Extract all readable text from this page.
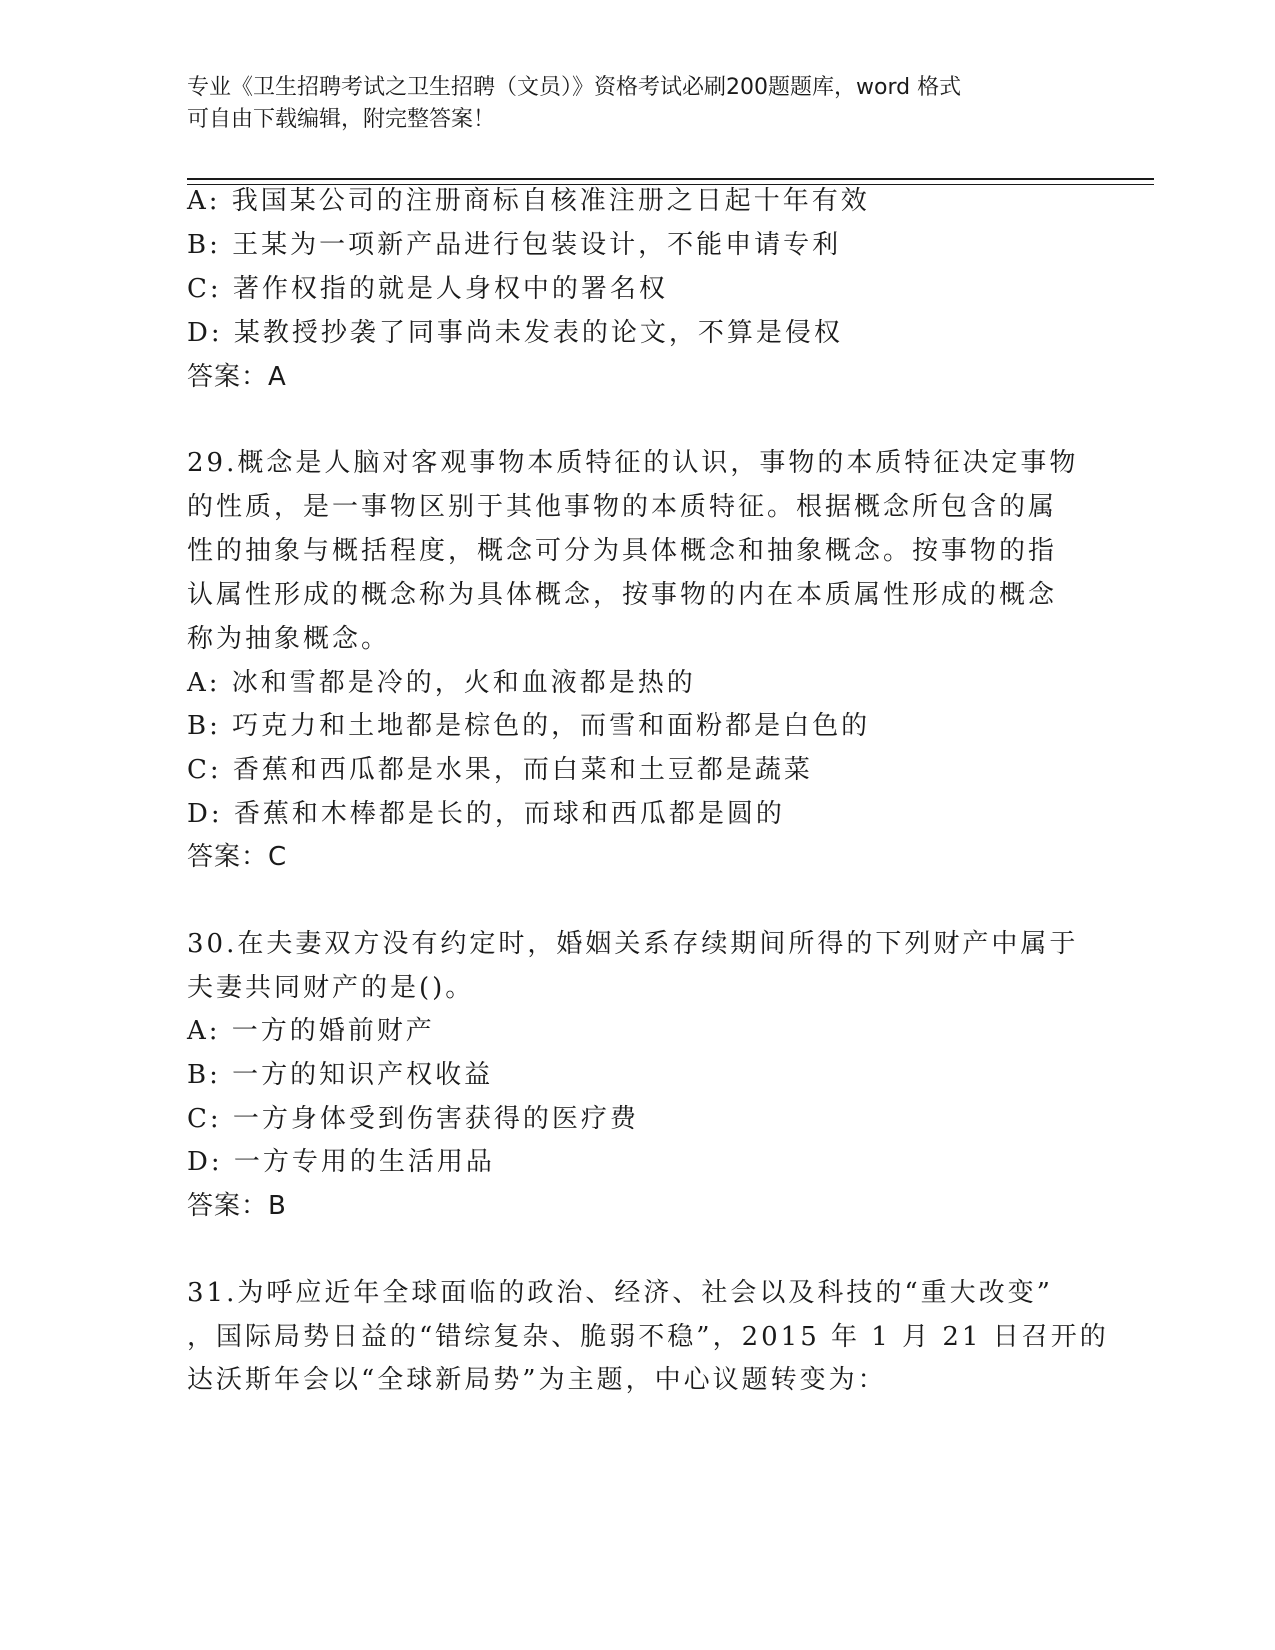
专业《卫生招聘考试之卫生招聘（文员）》资格考试必刷200题题库，word 格式
可自由下载编辑，附完整答案！
A: 我国某公司的注册商标自核准注册之日起十年有效
B: 王某为一项新产品进行包装设计，不能申请专利
C: 著作权指的就是人身权中的署名权
D: 某教授抄袭了同事尚未发表的论文，不算是侵权
答案：A
29.概念是人脑对客观事物本质特征的认识，事物的本质特征决定事物
的性质，是一事物区别于其他事物的本质特征。根据概念所包含的属
性的抽象与概括程度，概念可分为具体概念和抽象概念。按事物的指
认属性形成的概念称为具体概念，按事物的内在本质属性形成的概念
称为抽象概念。
A: 冰和雪都是冷的，火和血液都是热的
B: 巧克力和土地都是棕色的，而雪和面粉都是白色的
C: 香蕉和西瓜都是水果，而白菜和土豆都是蔬菜
D: 香蕉和木棒都是长的，而球和西瓜都是圆的
答案：C
30.在夫妻双方没有约定时，婚姻关系存续期间所得的下列财产中属于
夫妻共同财产的是()。
A: 一方的婚前财产
B: 一方的知识产权收益
C: 一方身体受到伤害获得的医疗费
D: 一方专用的生活用品
答案：B
31.为呼应近年全球面临的政治、经济、社会以及科技的“重大改变”
，国际局势日益的“错综复杂、脆弱不稳”，2015 年 1 月 21 日召开的
达沃斯年会以“全球新局势”为主题，中心议题转变为：
